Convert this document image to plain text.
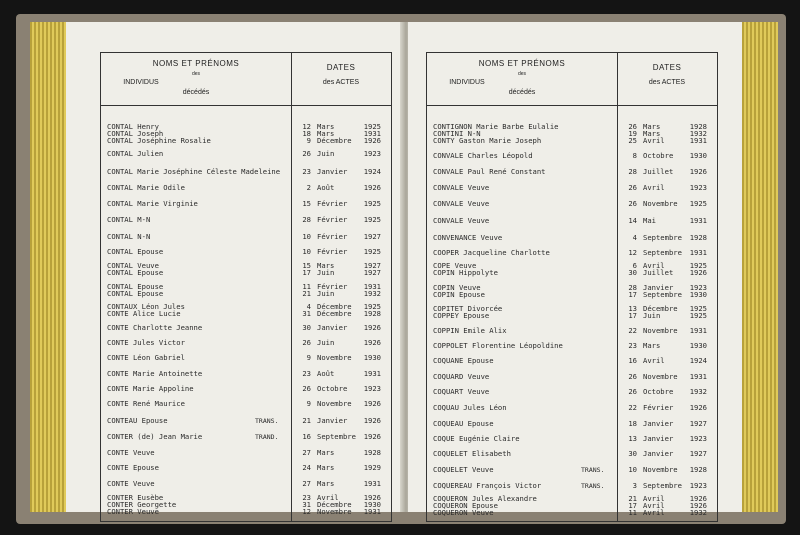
NOMS ET PRÉNOMS
des
INDIVIDUS
décédés
DATES
des ACTES
CONTAL Henry	12 Mars	1925
CONTAL Joseph	18 Mars	1931
CONTAL Joséphine Rosalie	9 Décembre 1926
CONTAL Julien	26 Juin	1923
CONTAL Marie Joséphine Céleste Madeleine	23 Janvier 1924
CONTAL Marie Odile	2 Août	1926
CONTAL Marie Virginie	15 Février 1925
CONTAL M-N	28 Février 1925
CONTAL N-N	10 Février 1927
CONTAL Epouse	10 Février 1925
CONTAL Veuve	15 Mars	1927
CONTAL Epouse	17 Juin	1927
CONTAL Epouse	11 Février 1931
CONTAL Epouse	21 Juin	1932
CONTAUX Léon Jules	4 Décembre 1925
CONTE Alice Lucie	31 Décembre 1928
CONTE Charlotte Jeanne	30 Janvier 1926
CONTE Jules Victor	26 Juin	1926
CONTE Léon Gabriel	9 Novembre 1930
CONTE Marie Antoinette	23 Août	1931
CONTE Marie Appoline	26 Octobre 1923
CONTE René Maurice	9 Novembre 1926
CONTEAU Epouse	TRANS.	21 Janvier 1926
CONTER (de) Jean Marie	TRAND.	16 Septembre 1926
CONTE Veuve	27 Mars	1928
CONTE Epouse	24 Mars	1929
CONTE Veuve	27 Mars	1931
CONTER Eusèbe	23 Avril	1926
CONTER Georgette	31 Décembre 1930
CONTER Veuve	12 Novembre 1931
NOMS ET PRÉNOMS
des
INDIVIDUS
décédés
DATES
des ACTES
CONTIGNON Marie Barbe Eulalie	26 Mars	1928
CONTINI N-N	19 Mars	1932
CONTY Gaston Marie Joseph	25 Avril	1931
CONVALE Charles Léopold	8 Octobre 1930
CONVALE Paul René Constant	28 Juillet 1926
CONVALE Veuve	26 Avril	1923
CONVALE Veuve	26 Novembre 1925
CONVALE Veuve	14 Mai	1931
CONVENANCE Veuve	4 Septembre 1928
COOPER Jacqueline Charlotte	12 Septembre 1931
COPE Veuve	6 Avril	1925
COPIN Hippolyte	30 Juillet 1926
COPIN Veuve	28 Janvier 1923
COPIN Epouse	17 Septembre 1930
COPITET Divorcée	13 Décembre 1925
COPPEY Epouse	17 Juin	1925
COPPIN Emile Alix	22 Novembre 1931
COPPOLET Florentine Léopoldine	23 Mars	1930
COQUANE Epouse	16 Avril	1924
COQUARD Veuve	26 Novembre 1931
COQUART Veuve	26 Octobre 1932
COQUAU Jules Léon	22 Février 1926
COQUEAU Epouse	18 Janvier 1927
COQUE Eugénie Claire	13 Janvier 1923
COQUELET Elisabeth	30 Janvier 1927
COQUELET Veuve	TRANS.	10 Novembre 1928
COQUEREAU François Victor	TRANS.	3 Septembre 1923
COQUERON Jules Alexandre	21 Avril	1926
COQUERON Epouse	17 Avril	1926
COQUERON Veuve	11 Avril	1932
